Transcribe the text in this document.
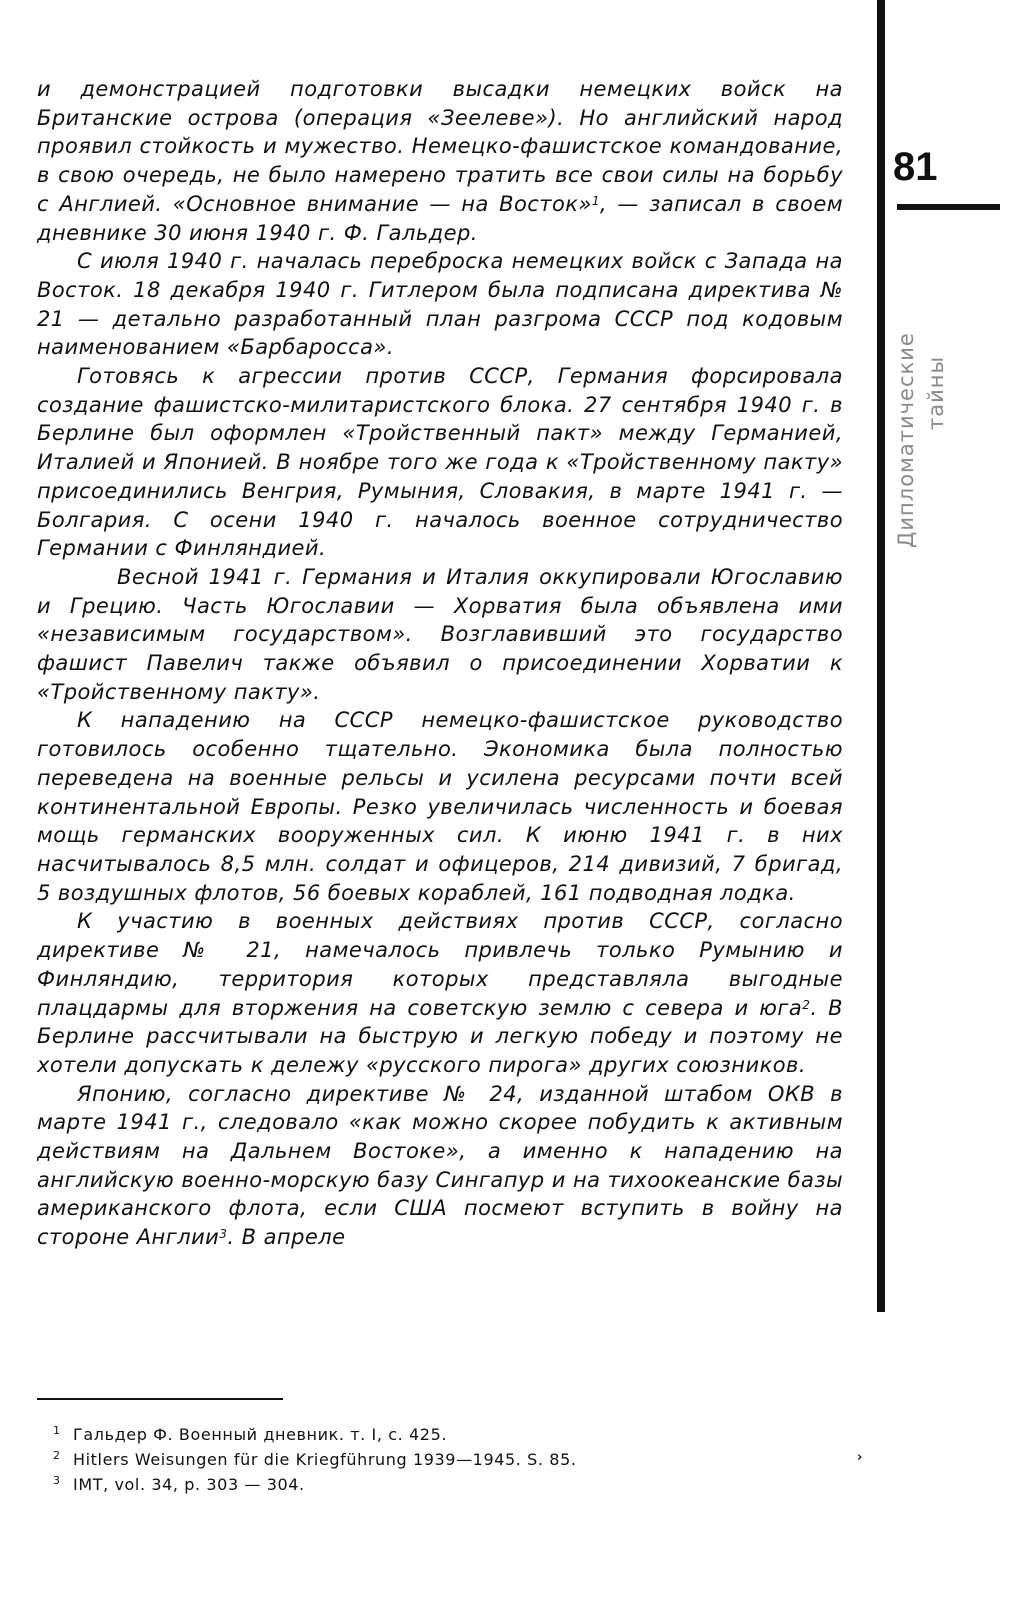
81
Дипломатические тайны

и демонстрацией подготовки высадки немецких войск на Британские острова (операция «Зеелеве»). Но английский народ проявил стойкость и мужество. Немецко-фашистское командование, в свою очередь, не было намерено тратить все свои силы на борьбу с Англией. «Основное внимание — на Восток»$^1$, — записал в своем дневнике 30 июня 1940 г. Ф. Гальдер.

С июля 1940 г. началась переброска немецких войск с Запада на Восток. 18 декабря 1940 г. Гитлером была подписана директива № 21 — детально разработанный план разгрома СССР под кодовым наименованием «Барбаросса».

Готовясь к агрессии против СССР, Германия форсировала создание фашистско-милитаристского блока. 27 сентября 1940 г. в Берлине был оформлен «Тройственный пакт» между Германией, Италией и Японией. В ноябре того же года к «Тройственному пакту» присоединились Венгрия, Румыния, Словакия, в марте 1941 г. — Болгария. С осени 1940 г. началось военное сотрудничество Германии с Финляндией.

Весной 1941 г. Германия и Италия оккупировали Югославию и Грецию. Часть Югославии — Хорватия была объявлена ими «независимым государством». Возглавивший это государство фашист Павелич также объявил о присоединении Хорватии к «Тройственному пакту».

К нападению на СССР немецко-фашистское руководство готовилось особенно тщательно. Экономика была полностью переведена на военные рельсы и усилена ресурсами почти всей континентальной Европы. Резко увеличилась численность и боевая мощь германских вооруженных сил. К июню 1941 г. в них насчитывалось 8,5 млн. солдат и офицеров, 214 дивизий, 7 бригад, 5 воздушных флотов, 56 боевых кораблей, 161 подводная лодка.

К участию в военных действиях против СССР, согласно директиве № 21, намечалось привлечь только Румынию и Финляндию, территория которых представляла выгодные плацдармы для вторжения на советскую землю с севера и юга$^2$. В Берлине рассчитывали на быструю и легкую победу и поэтому не хотели допускать к дележу «русского пирога» других союзников.

Японию, согласно директиве № 24, изданной штабом ОКВ в марте 1941 г., следовало «как можно скорее побудить к активным действиям на Дальнем Востоке», а именно к нападению на английскую военно-морскую базу Сингапур и на тихоокеанские базы американского флота, если США посмеют вступить в войну на стороне Англии$^3$. В апреле

1 Гальдер Ф. Военный дневник. т. I, с. 425.
2 Hitlers Weisungen für die Kriegführung 1939—1945. S. 85.
3 IMT, vol. 34, p. 303 — 304.
›
